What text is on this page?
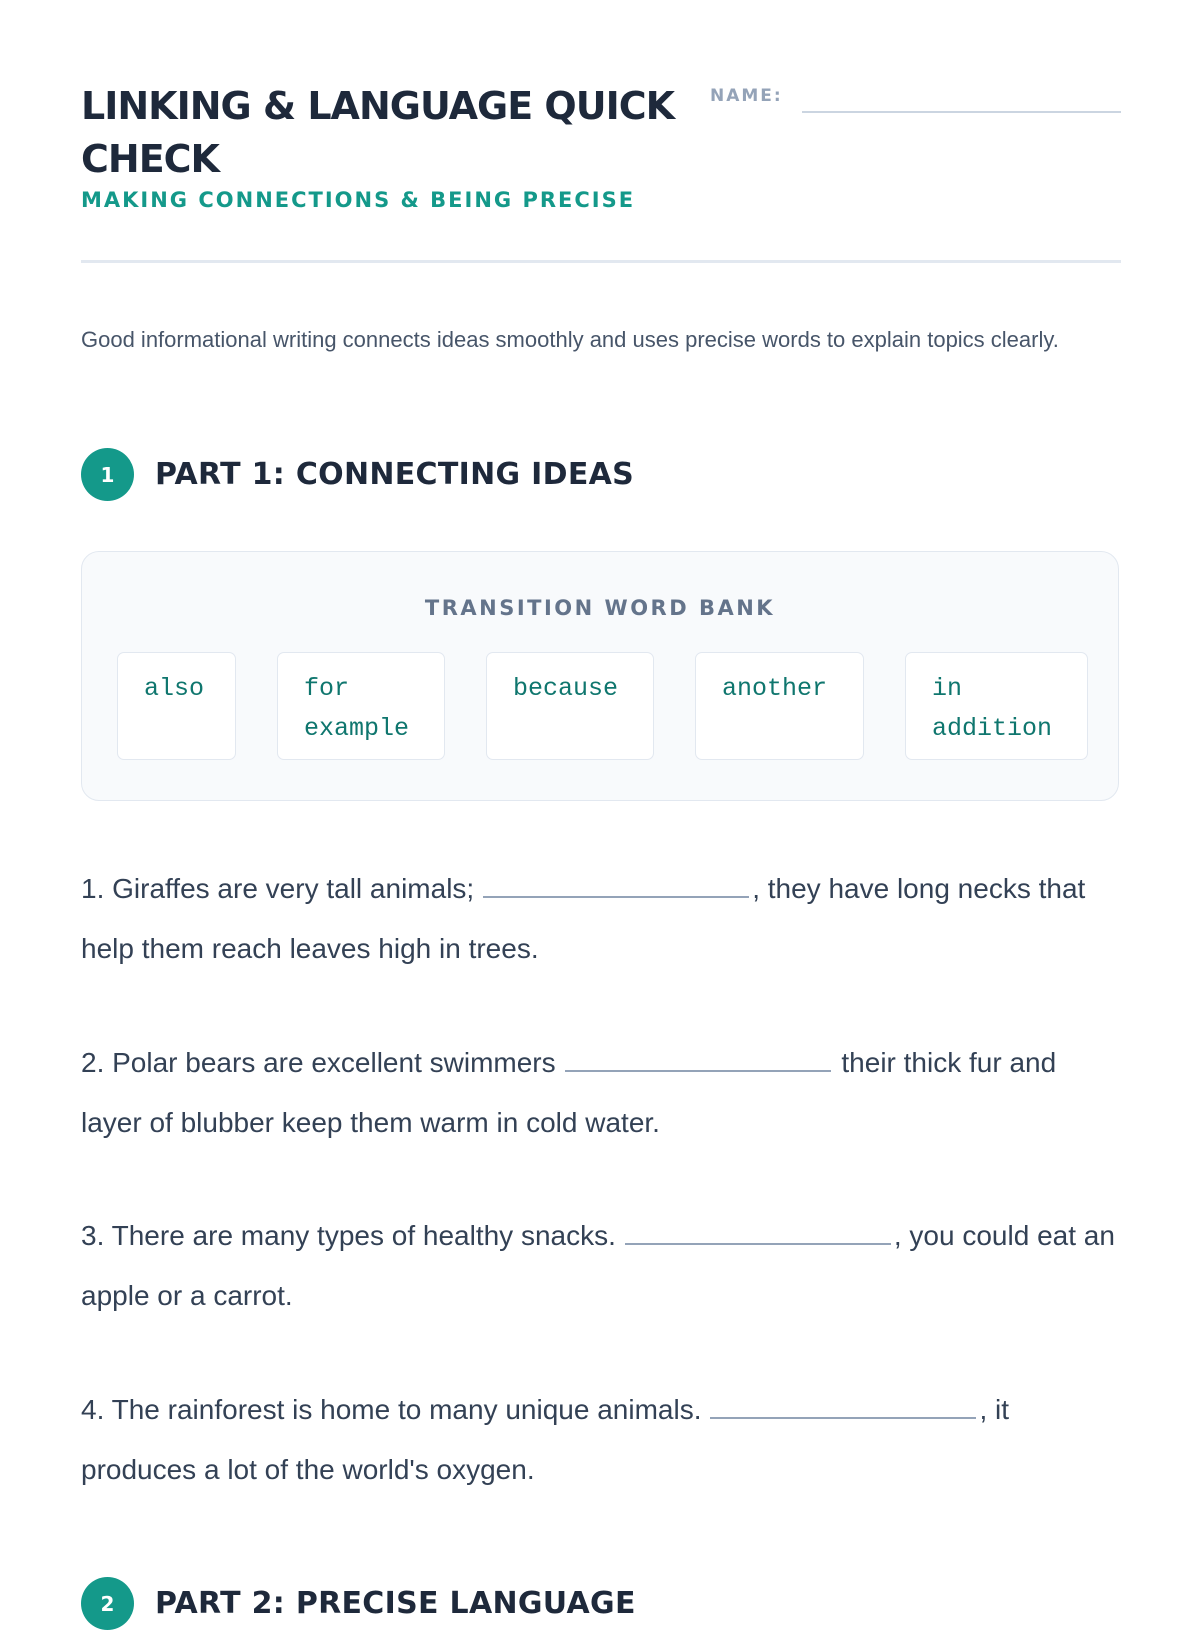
LINKING & LANGUAGE QUICK CHECK
MAKING CONNECTIONS & BEING PRECISE
NAME:

Good informational writing connects ideas smoothly and uses precise words to explain topics clearly.

1	PART 1: CONNECTING IDEAS
TRANSITION WORD BANK
also	for example
because	another	in addition

1. Giraffes are very tall animals;	, they have long necks that help them reach leaves high in trees.

2. Polar bears are excellent swimmers	their thick fur and layer of blubber keep them warm in cold water.

3. There are many types of healthy snacks.	, you could eat an apple or a carrot.

4. The rainforest is home to many unique animals.	, it produces a lot of the world's oxygen.

2	PART 2: PRECISE LANGUAGE
